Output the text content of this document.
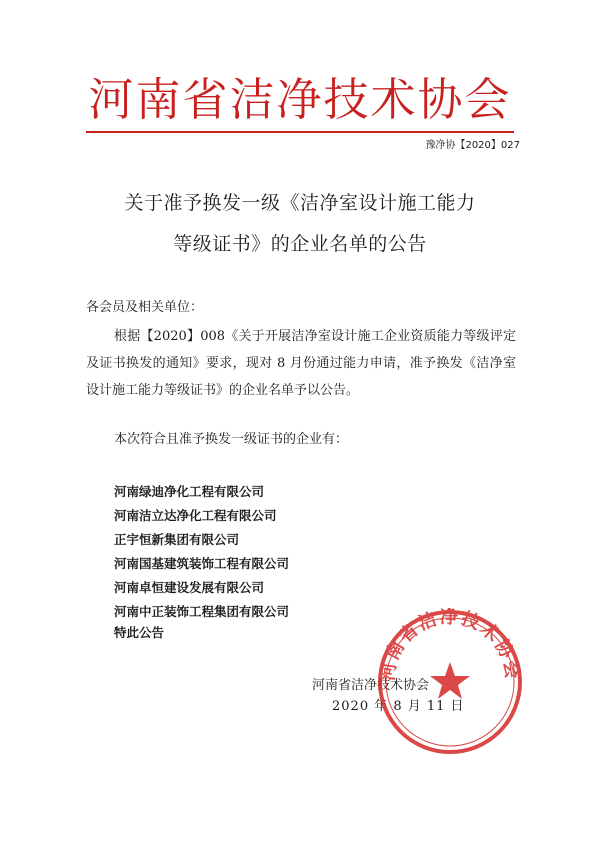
河南省洁净技术协会
豫净协【2020】027
关于准予换发一级《洁净室设计施工能力
等级证书》的企业名单的公告
各会员及相关单位：

根据【2020】008《关于开展洁净室设计施工企业资质能力等级评定及证书换发的通知》要求，现对 8 月份通过能力申请，准予换发《洁净室设计施工能力等级证书》的企业名单予以公告。

本次符合且准予换发一级证书的企业有：
河南绿迪净化工程有限公司
河南洁立达净化工程有限公司
正宇恒新集团有限公司
河南国基建筑装饰工程有限公司
河南卓恒建设发展有限公司
河南中正装饰工程集团有限公司
特此公告
河南省洁净技术协会
2020 年 8 月 11 日
河南省洁净技术协会
